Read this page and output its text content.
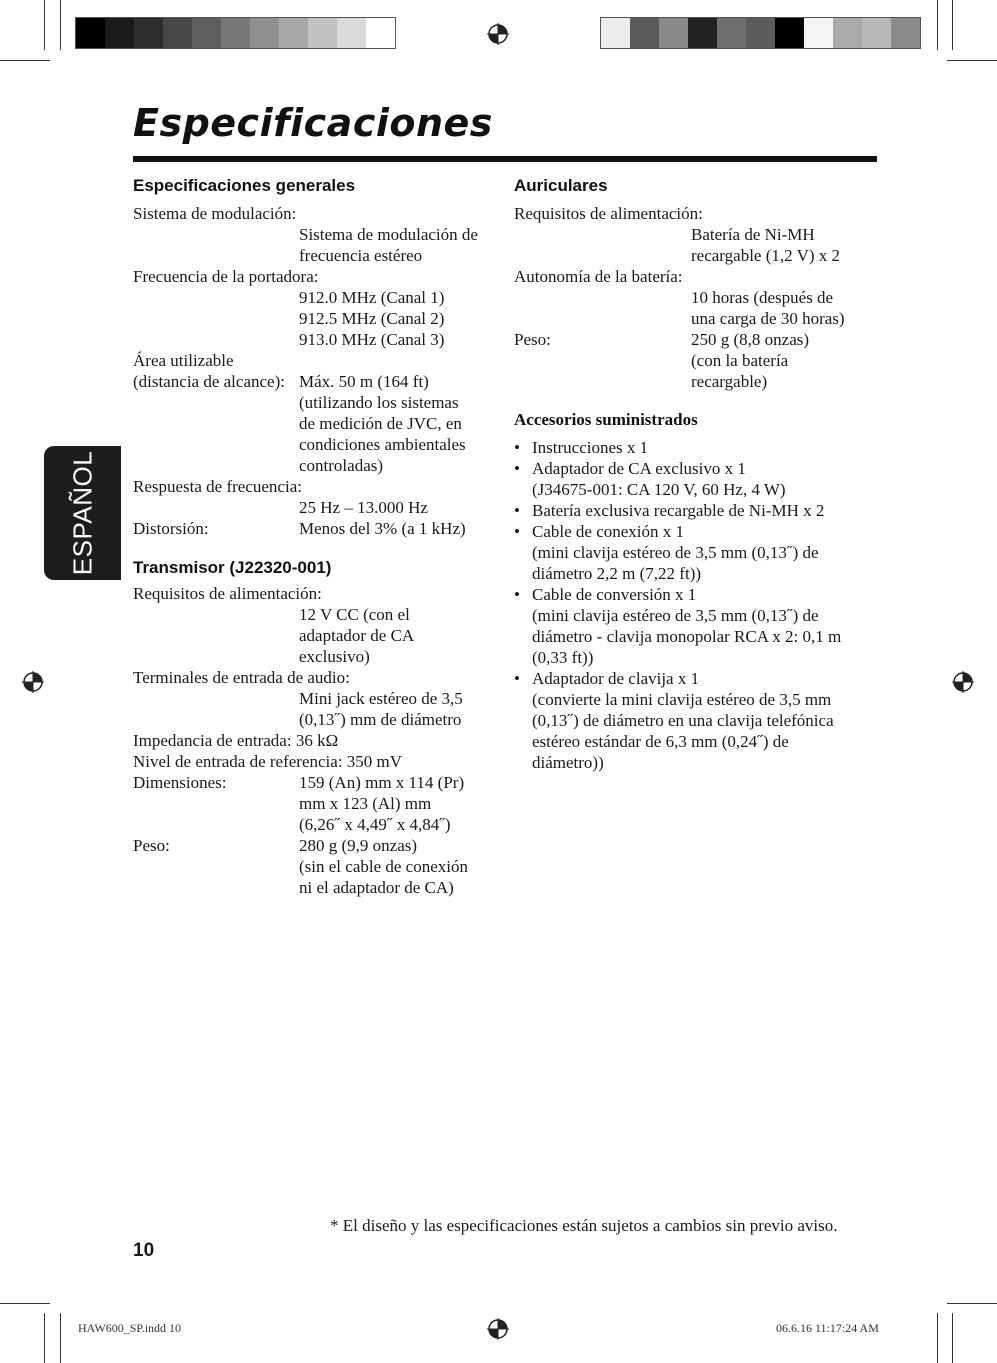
Especificaciones
ESPAÑOL
Especificaciones generales
Sistema de modulación:
Sistema de modulación de
frecuencia estéreo
Frecuencia de la portadora:
912.0 MHz (Canal 1)
912.5 MHz (Canal 2)
913.0 MHz (Canal 3)
Área utilizable
(distancia de alcance): Máx. 50 m (164 ft)
(utilizando los sistemas
de medición de JVC, en
condiciones ambientales
controladas)
Respuesta de frecuencia:
25 Hz – 13.000 Hz
Distorsión:	Menos del 3% (a 1 kHz)
Transmisor (J22320-001)
Requisitos de alimentación:
12 V CC (con el
adaptador de CA
exclusivo)
Terminales de entrada de audio:
Mini jack estéreo de 3,5
(0,13˝) mm de diámetro
Impedancia de entrada: 36 kΩ
Nivel de entrada de referencia: 350 mV
Dimensiones:	159 (An) mm x 114 (Pr)
mm x 123 (Al) mm
(6,26˝ x 4,49˝ x 4,84˝)
Peso:	280 g (9,9 onzas)
(sin el cable de conexión
ni el adaptador de CA)
Auriculares
Requisitos de alimentación:
Batería de Ni-MH
recargable (1,2 V) x 2
Autonomía de la batería:
10 horas (después de
una carga de 30 horas)
Peso:	250 g (8,8 onzas)
(con la batería
recargable)
Accesorios suministrados
• Instrucciones x 1
• Adaptador de CA exclusivo x 1
(J34675-001: CA 120 V, 60 Hz, 4 W)
• Batería exclusiva recargable de Ni-MH x 2
• Cable de conexión x 1
(mini clavija estéreo de 3,5 mm (0,13˝) de
diámetro 2,2 m (7,22 ft))
• Cable de conversión x 1
(mini clavija estéreo de 3,5 mm (0,13˝) de
diámetro - clavija monopolar RCA x 2: 0,1 m
(0,33 ft))
• Adaptador de clavija x 1
(convierte la mini clavija estéreo de 3,5 mm
(0,13˝) de diámetro en una clavija telefónica
estéreo estándar de 6,3 mm (0,24˝) de
diámetro))
* El diseño y las especificaciones están sujetos a cambios sin previo aviso.
10
HAW600_SP.indd 10	06.6.16 11:17:24 AM
